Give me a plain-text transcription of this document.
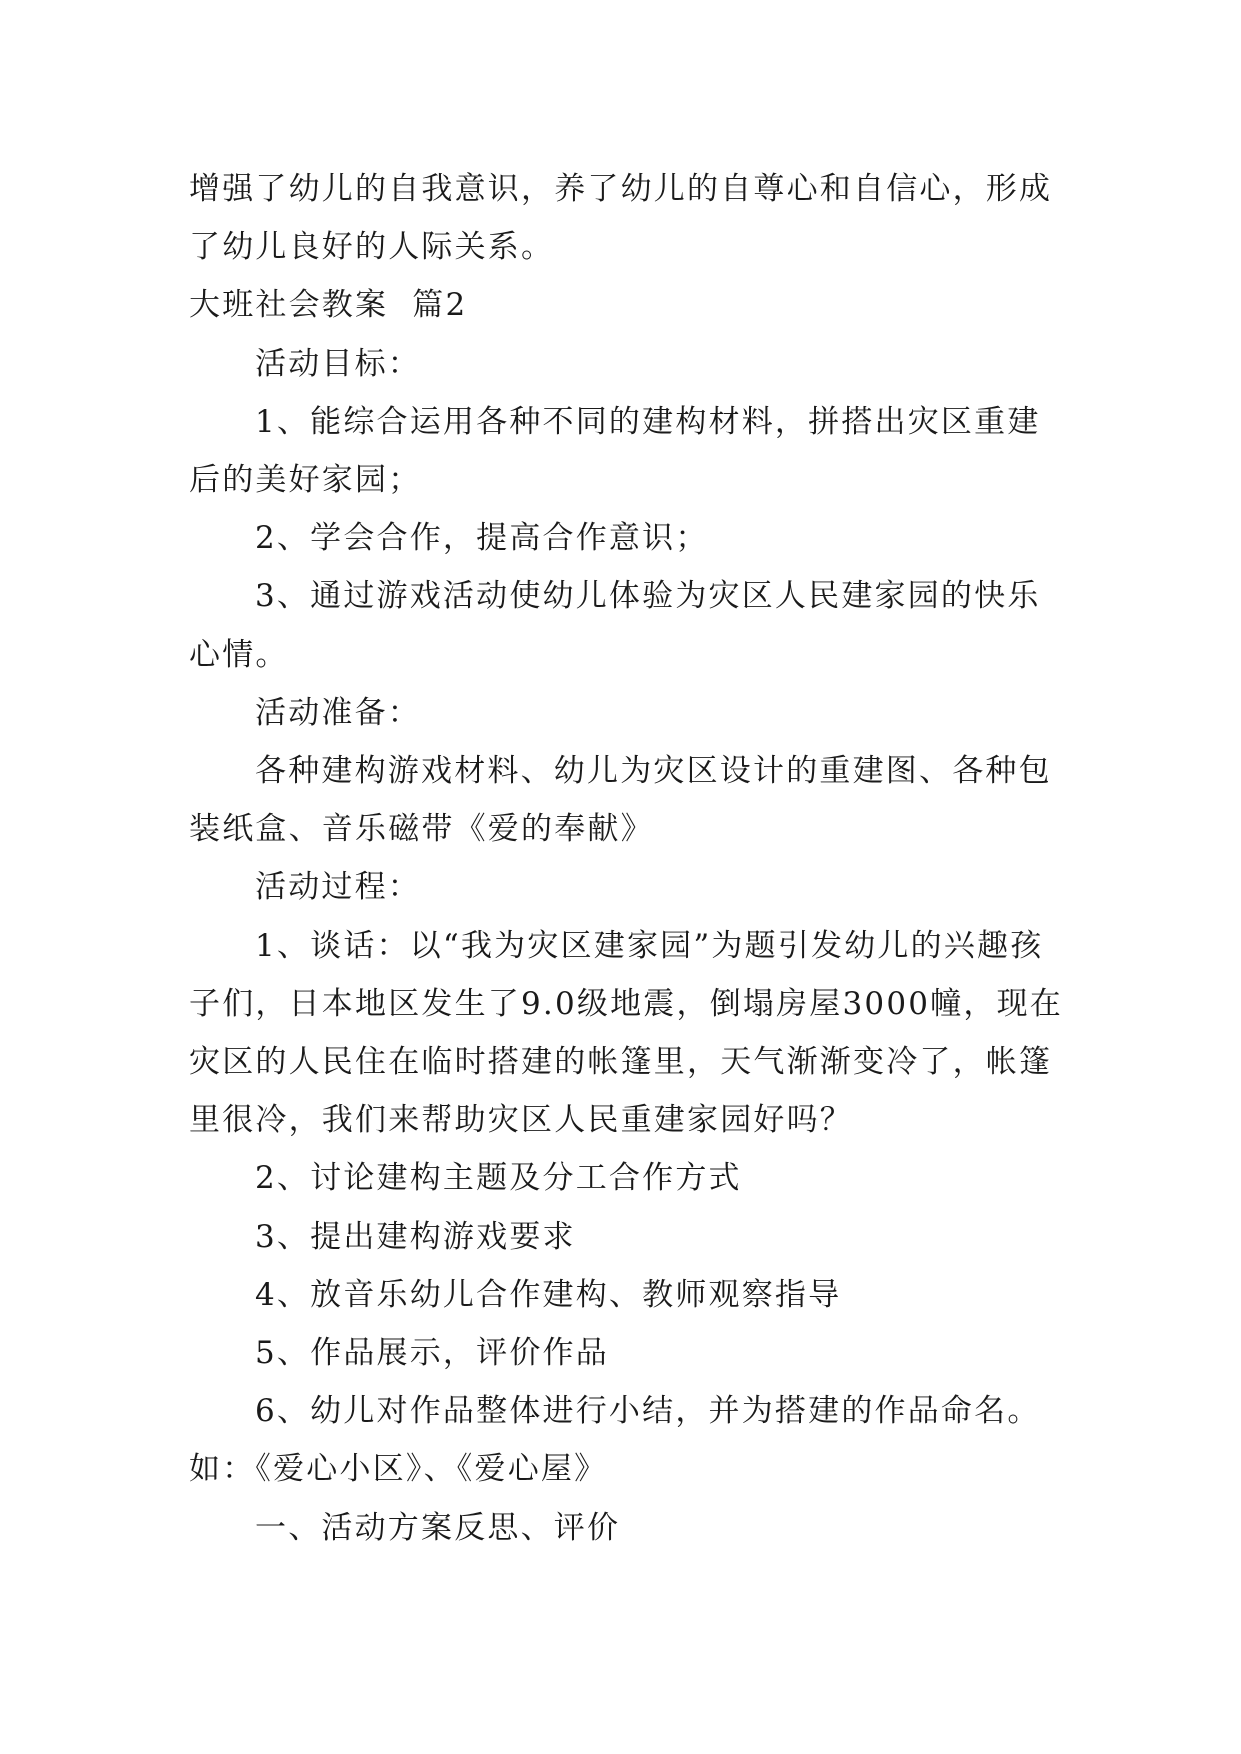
增强了幼儿的自我意识，养了幼儿的自尊心和自信心，形成了幼儿良好的人际关系。

大班社会教案  篇2

活动目标：

1、能综合运用各种不同的建构材料，拼搭出灾区重建后的美好家园；

2、学会合作，提高合作意识；

3、通过游戏活动使幼儿体验为灾区人民建家园的快乐心情。

活动准备：

各种建构游戏材料、幼儿为灾区设计的重建图、各种包装纸盒、音乐磁带《爱的奉献》

活动过程：

1、谈话：以“我为灾区建家园”为题引发幼儿的兴趣孩子们，日本地区发生了9.0级地震，倒塌房屋3000幢，现在灾区的人民住在临时搭建的帐篷里，天气渐渐变冷了，帐篷里很冷，我们来帮助灾区人民重建家园好吗？

2、讨论建构主题及分工合作方式

3、提出建构游戏要求

4、放音乐幼儿合作建构、教师观察指导

5、作品展示，评价作品

6、幼儿对作品整体进行小结，并为搭建的作品命名。如：《爱心小区》、《爱心屋》

一、活动方案反思、评价
